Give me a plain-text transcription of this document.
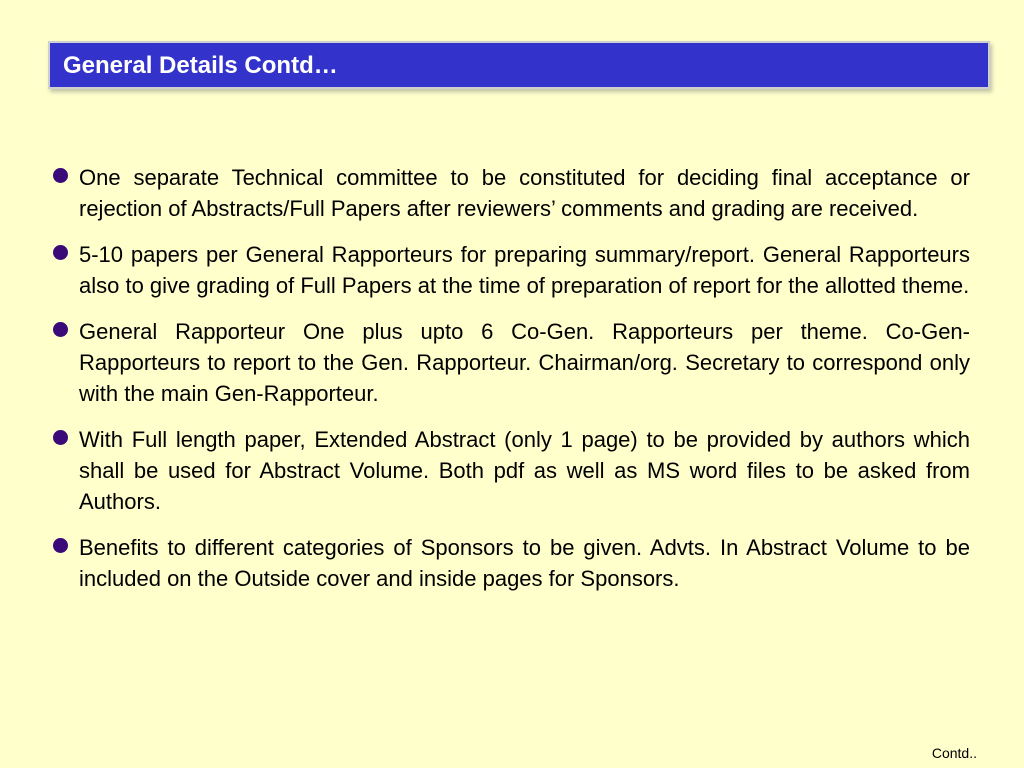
General Details Contd…
One separate Technical committee to be constituted for deciding final acceptance or rejection of Abstracts/Full Papers after reviewers’ comments and grading are received.
5-10 papers per General Rapporteurs for preparing summary/report. General Rapporteurs also to give grading of Full Papers at the time of preparation of report for the allotted theme.
General Rapporteur One plus upto 6 Co-Gen. Rapporteurs per theme. Co-Gen-Rapporteurs to report to the Gen. Rapporteur. Chairman/org. Secretary to correspond only with the main Gen-Rapporteur.
With Full length paper, Extended Abstract (only 1 page) to be provided by authors which shall be used for Abstract Volume. Both pdf as well as MS word files to be asked from Authors.
Benefits to different categories of Sponsors to be given. Advts. In Abstract Volume to be included on the Outside cover and inside pages for Sponsors.
Contd..
